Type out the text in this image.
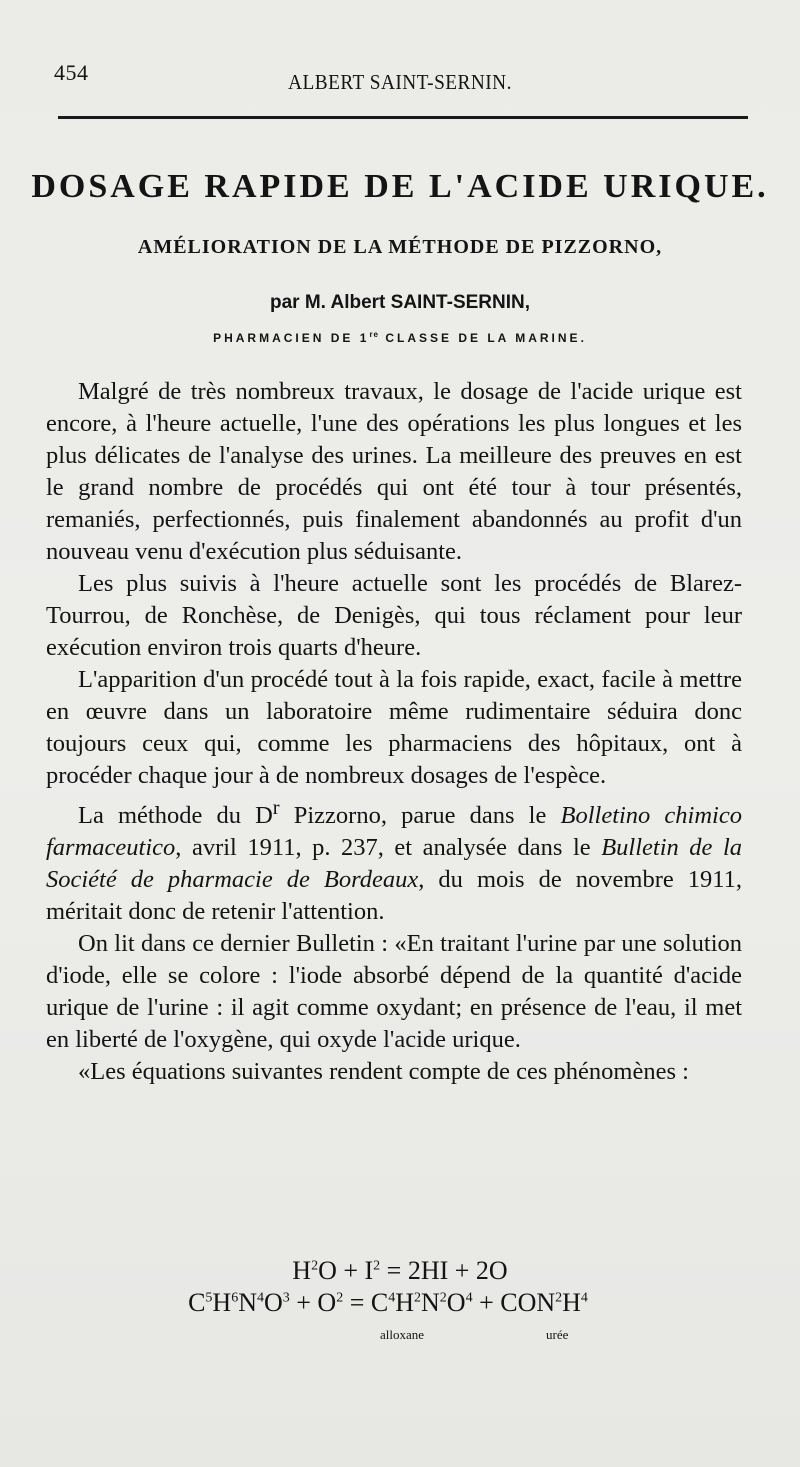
454	ALBERT SAINT-SERNIN.
DOSAGE RAPIDE DE L'ACIDE URIQUE.
AMÉLIORATION DE LA MÉTHODE DE PIZZORNO,
par M. Albert SAINT-SERNIN,
PHARMACIEN DE 1re CLASSE DE LA MARINE.

Malgré de très nombreux travaux, le dosage de l'acide urique est encore, à l'heure actuelle, l'une des opérations les plus longues et les plus délicates de l'analyse des urines. La meilleure des preuves en est le grand nombre de procédés qui ont été tour à tour présentés, remaniés, perfectionnés, puis finalement abandonnés au profit d'un nouveau venu d'exécution plus séduisante.

Les plus suivis à l'heure actuelle sont les procédés de Blarez-Tourrou, de Ronchèse, de Denigès, qui tous réclament pour leur exécution environ trois quarts d'heure.

L'apparition d'un procédé tout à la fois rapide, exact, facile à mettre en œuvre dans un laboratoire même rudimentaire séduira donc toujours ceux qui, comme les pharmaciens des hôpitaux, ont à procéder chaque jour à de nombreux dosages de l'espèce.

La méthode du $D^r$ Pizzorno, parue dans le Bolletino chimico farmaceutico, avril 1911, p. 237, et analysée dans le Bulletin de la Société de pharmacie de Bordeaux, du mois de novembre 1911, méritait donc de retenir l'attention.

On lit dans ce dernier Bulletin : «En traitant l'urine par une solution d'iode, elle se colore : l'iode absorbé dépend de la quantité d'acide urique de l'urine : il agit comme oxydant; en présence de l'eau, il met en liberté de l'oxygène, qui oxyde l'acide urique.

«Les équations suivantes rendent compte de ces phénomènes :

$H^2O + I^2 = 2HI + 2O$
$C^5H^6N^4O^3 + O^2 = C^4H^2N^2O^4 + CON^2H^4$
alloxane	urée
